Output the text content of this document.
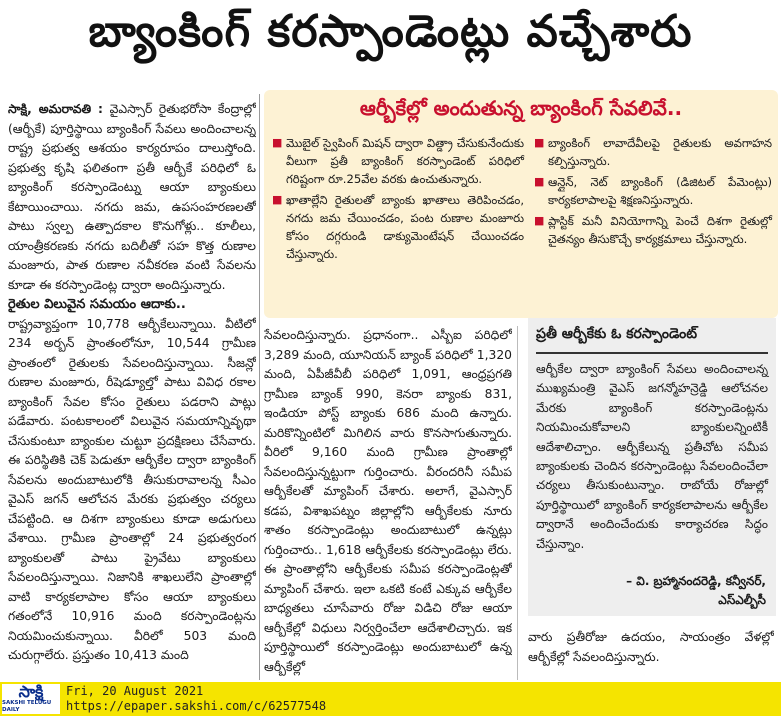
బ్యాంకింగ్ కరస్పాండెంట్లు వచ్చేశారు

సాక్షి, అమరావతి : వైఎస్సార్ రైతుభరోసా కేంద్రాల్లో (ఆర్బీకే) పూర్తిస్థాయి బ్యాంకింగ్ సేవలు అందించాలన్న రాష్ట్ర ప్రభుత్వ ఆశయం కార్యరూపం దాలుస్తోంది. ప్రభుత్వ కృషి ఫలితంగా ప్రతీ ఆర్బీకే పరిధిలో ఓ బ్యాంకింగ్ కరస్పాండెంట్ను ఆయా బ్యాంకులు కేటాయించాయి. నగదు జమ, ఉపసంహరణలతో పాటు స్వల్ప ఉత్పాదకాల కొనుగోళ్లు.. కూలీలు, యాంత్రీకరణకు నగదు బదిలీతో సహ కొత్త రుణాల మంజూరు, పాత రుణాల నవీకరణ వంటి సేవలను కూడా ఈ కరస్పాండెంట్ల ద్వారా అందిస్తున్నారు.

రైతుల విలువైన సమయం ఆదాకు..

రాష్ట్రవ్యాప్తంగా 10,778 ఆర్బీకేలున్నాయి. వీటిలో 234 అర్బన్ ప్రాంతంలోనూ, 10,544 గ్రామీణ ప్రాంతంలో రైతులకు సేవలందిస్తున్నాయి. సీజన్లో రుణాల మంజూరు, రీషెడ్యూల్తో పాటు వివిధ రకాల బ్యాంకింగ్ సేవల కోసం రైతులు పడరాని పాట్లు పడేవారు. పంటకాలంలో విలువైన సమయాన్నివృథా చేసుకుంటూ బ్యాంకుల చుట్టూ ప్రదక్షిణలు చేసేవారు. ఈ పరిస్థితికి చెక్ పెడుతూ ఆర్బీకేల ద్వారా బ్యాంకింగ్ సేవలను అందుబాటులోకి తీసుకురావాలన్న సీఎం వైఎస్ జగన్ ఆలోచన మేరకు ప్రభుత్వం చర్యలు చేపట్టింది. ఆ దిశగా బ్యాంకులు కూడా అడుగులు వేశాయి. గ్రామీణ ప్రాంతాల్లో 24 ప్రభుత్వరంగ బ్యాంకులతో పాటు ప్రైవేటు బ్యాంకులు సేవలందిస్తున్నాయి. నిజానికి శాఖలులేని ప్రాంతాల్లో వాటి కార్యకలాపాల కోసం ఆయా బ్యాంకులు గతంలోనే 10,916 మంది కరస్పాండెంట్లను నియమించుకున్నాయి. వీరిలో 503 మంది చురుగ్గాలేరు. ప్రస్తుతం 10,413 మంది

సేవలందిస్తున్నారు. ప్రధానంగా.. ఎస్బీఐ పరిధిలో 3,289 మంది, యూనియన్ బ్యాంక్ పరిధిలో 1,320 మంది, ఏపీజీవీబీ పరిధిలో 1,091, ఆంధ్రప్రగతి గ్రామీణ బ్యాంక్ 990, కెనరా బ్యాంకు 831, ఇండియా పోస్ట్ బ్యాంకు 686 మంది ఉన్నారు. మరికొన్నింటిలో మిగిలిన వారు కొనసాగుతున్నారు. వీరిలో 9,160 మంది గ్రామీణ ప్రాంతాల్లో సేవలందిస్తున్నట్టుగా గుర్తించారు. వీరందరినీ సమీప ఆర్బీకేలతో మ్యాపింగ్ చేశారు. అలాగే, వైఎస్సార్ కడప, విశాఖపట్నం జిల్లాల్లోని ఆర్బీకేలకు నూరు శాతం కరస్పాండెంట్లు అందుబాటులో ఉన్నట్లు గుర్తించారు.. 1,618 ఆర్బీకేలకు కరస్పాండెంట్లు లేరు. ఈ ప్రాంతాల్లోని ఆర్బీకేలకు సమీప కరస్పాండెంట్లతో మ్యాపింగ్ చేశారు. ఇలా ఒకటి కంటే ఎక్కువ ఆర్బీకేల బాధ్యతలు చూసేవారు రోజు విడిచి రోజు ఆయా ఆర్బీకేల్లో విధులు నిర్వర్తించేలా ఆదేశాలిచ్చారు. ఇక పూర్తిస్థాయిలో కరస్పాండెంట్లు అందుబాటులో ఉన్న ఆర్బీకేల్లో

వారు ప్రతీరోజు ఉదయం, సాయంత్రం వేళల్లో ఆర్బీకేల్లో సేవలందిస్తున్నారు.

ఆర్బీకేల్లో అందుతున్న బ్యాంకింగ్ సేవలివే..
■ మొబైల్ స్వైపింగ్ మిషన్ ద్వారా విత్డ్రా చేసుకునేందుకు వీలుగా ప్రతీ బ్యాంకింగ్ కరస్పాండెంట్ పరిధిలో గరిష్టంగా రూ.25వేల వరకు ఉంచుతున్నారు.
■ ఖాతాల్లేని రైతులతో బ్యాంకు ఖాతాలు తెరిపించడం, నగదు జమ చేయించడం, పంట రుణాల మంజూరు కోసం దగ్గరుండి డాక్యుమెంటేషన్ చేయించడం చేస్తున్నారు.
■ బ్యాంకింగ్ లావాదేవీలపై రైతులకు అవగాహన కల్పిస్తున్నారు.
■ ఆన్లైన్, నెట్ బ్యాంకింగ్ (డిజిటల్ పేమెంట్లు) కార్యకలాపాలపై శిక్షణనిస్తున్నారు.
■ ప్లాస్టిక్ మనీ వినియోగాన్ని పెంచే దిశగా రైతుల్లో చైతన్యం తీసుకొచ్చే కార్యక్రమాలు చేస్తున్నారు.
ప్రతీ ఆర్బీకేకు ఓ కరస్పాండెంట్
ఆర్బీకేల ద్వారా బ్యాంకింగ్ సేవలు అందించాలన్న ముఖ్యమంత్రి వైఎస్ జగన్మోహన్రెడ్డి ఆలోచనల మేరకు బ్యాంకింగ్ కరస్పాండెంట్లను నియమించుకోవాలని బ్యాంకులన్నింటికీ ఆదేశాలిచ్చాం. ఆర్బీకేలున్న ప్రతీచోట సమీప బ్యాంకులకు చెందిన కరస్పాండెంట్లు సేవలందించేలా చర్యలు తీసుకుంటున్నాం. రాబోయే రోజుల్లో పూర్తిస్థాయిలో బ్యాంకింగ్ కార్యకలాపాలను ఆర్బీకేల ద్వారానే అందించేందుకు కార్యాచరణ సిద్ధం చేస్తున్నాం.
– వి. బ్రహ్మానందరెడ్డి, కన్వీనర్,
ఎస్ఎల్బీసీ
సాక్షి
SAKSHI TELUGU DAILY
Fri, 20 August 2021
https://epaper.sakshi.com/c/62577548
